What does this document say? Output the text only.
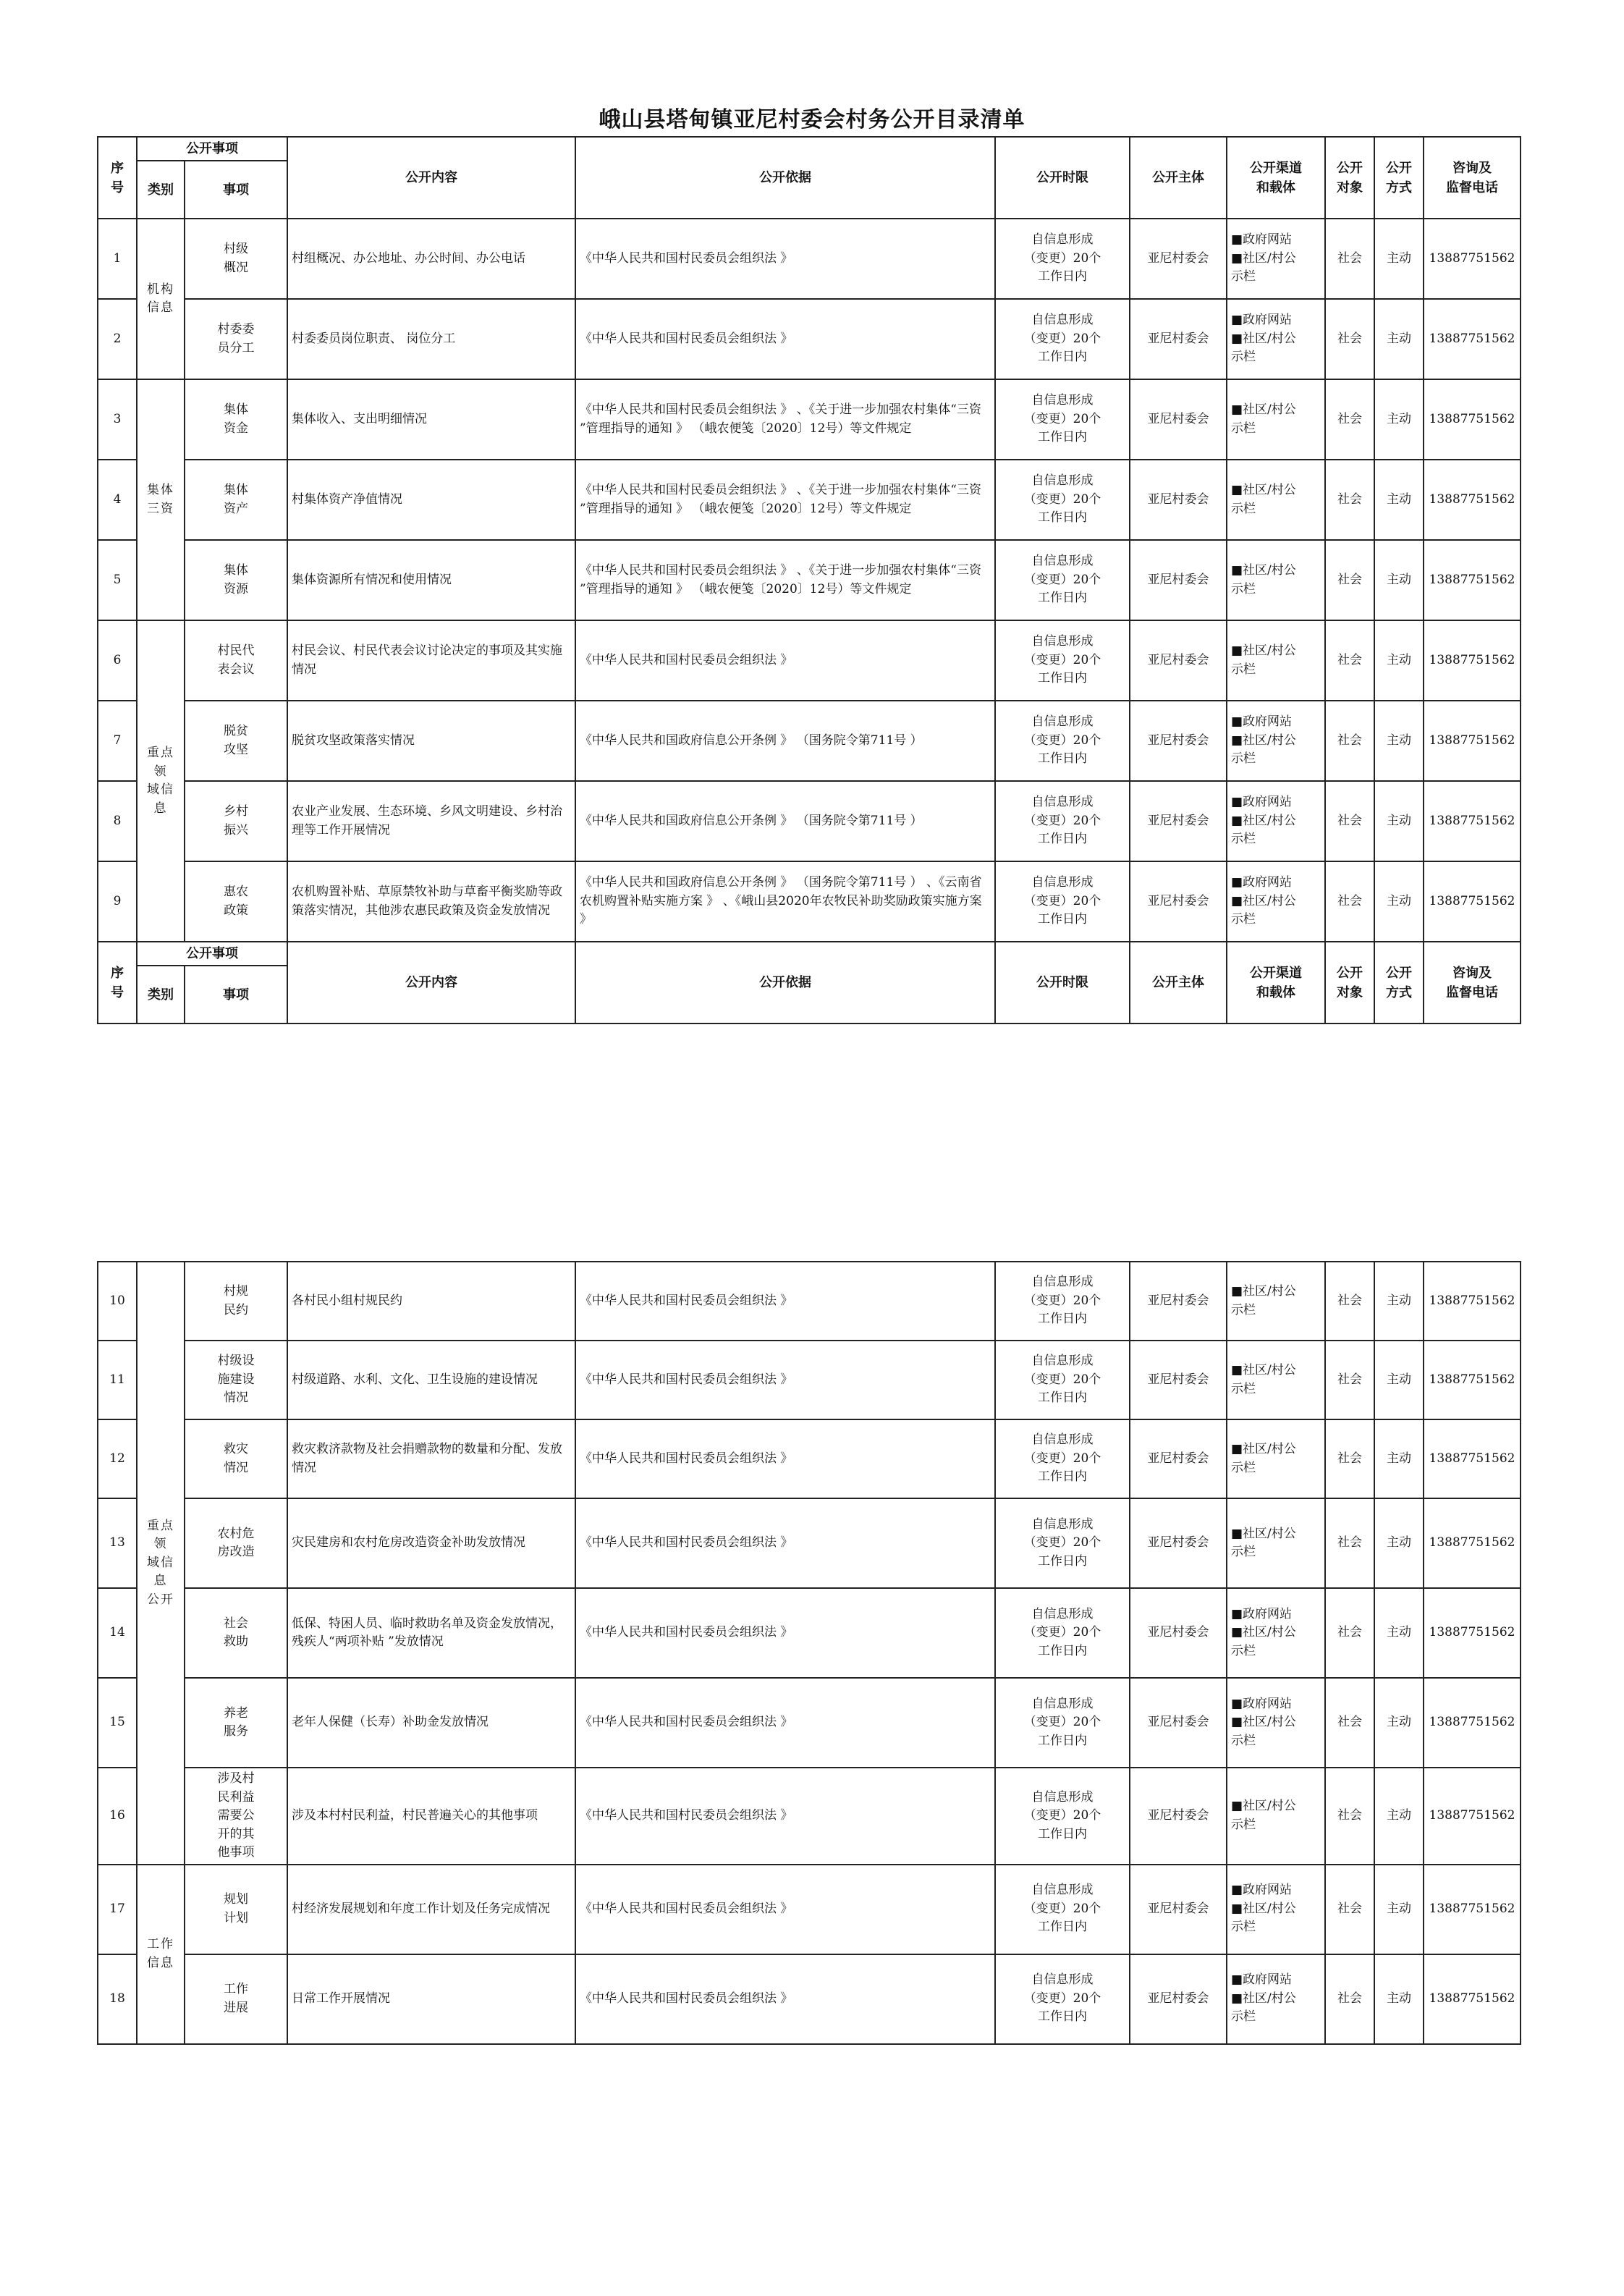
峨山县塔甸镇亚尼村委会村务公开目录清单
序
号	公开事项		公开内容	公开依据	公开时限	公开主体	公开渠道
和载体	公开
对象	公开
方式	咨询及
监督电话
	类别	事项								
1	机构
信息	村级
概况	村组概况、办公地址、办公时间、办公电话	《中华人民共和国村民委员会组织法 》	自信息形成
（变更）20个
工作日内	亚尼村委会	■政府网站
■社区/村公
示栏	社会	主动	13887751562
2		村委委
员分工	村委委员岗位职责、 岗位分工	《中华人民共和国村民委员会组织法 》	自信息形成
（变更）20个
工作日内	亚尼村委会	■政府网站
■社区/村公
示栏	社会	主动	13887751562
3	集体
三资	集体
资金	集体收入、支出明细情况	《中华人民共和国村民委员会组织法 》 、《关于进一步加强农村集体“三资 ”管理指导的通知 》 （峨农便笺〔2020〕12号）等文件规定	自信息形成
（变更）20个
工作日内	亚尼村委会	■社区/村公
示栏	社会	主动	13887751562
4		集体
资产	村集体资产净值情况	《中华人民共和国村民委员会组织法 》 、《关于进一步加强农村集体“三资 ”管理指导的通知 》 （峨农便笺〔2020〕12号）等文件规定	自信息形成
（变更）20个
工作日内	亚尼村委会	■社区/村公
示栏	社会	主动	13887751562
5		集体
资源	集体资源所有情况和使用情况	《中华人民共和国村民委员会组织法 》 、《关于进一步加强农村集体“三资 ”管理指导的通知 》 （峨农便笺〔2020〕12号）等文件规定	自信息形成
（变更）20个
工作日内	亚尼村委会	■社区/村公
示栏	社会	主动	13887751562
6	重点
领
域信
息	村民代
表会议	村民会议、村民代表会议讨论决定的事项及其实施情况	《中华人民共和国村民委员会组织法 》	自信息形成
（变更）20个
工作日内	亚尼村委会	■社区/村公
示栏	社会	主动	13887751562
7		脱贫
攻坚	脱贫攻坚政策落实情况	《中华人民共和国政府信息公开条例 》 （国务院令第711号 ）	自信息形成
（变更）20个
工作日内	亚尼村委会	■政府网站
■社区/村公
示栏	社会	主动	13887751562
8		乡村
振兴	农业产业发展、生态环境、乡风文明建设、乡村治理等工作开展情况	《中华人民共和国政府信息公开条例 》 （国务院令第711号 ）	自信息形成
（变更）20个
工作日内	亚尼村委会	■政府网站
■社区/村公
示栏	社会	主动	13887751562
9		惠农
政策	农机购置补贴、草原禁牧补助与草畜平衡奖励等政策落实情况，其他涉农惠民政策及资金发放情况	《中华人民共和国政府信息公开条例 》 （国务院令第711号 ） 、《云南省农机购置补贴实施方案 》 、《峨山县2020年农牧民补助奖励政策实施方案 》	自信息形成
（变更）20个
工作日内	亚尼村委会	■政府网站
■社区/村公
示栏	社会	主动	13887751562
序
号	公开事项		公开内容	公开依据	公开时限	公开主体	公开渠道
和载体	公开
对象	公开
方式	咨询及
监督电话
	类别	事项								
10	重点
领
域信
息
公开	村规
民约	各村民小组村规民约	《中华人民共和国村民委员会组织法 》	自信息形成
（变更）20个
工作日内	亚尼村委会	■社区/村公
示栏	社会	主动	13887751562
11		村级设
施建设
情况	村级道路、水利、文化、卫生设施的建设情况	《中华人民共和国村民委员会组织法 》	自信息形成
（变更）20个
工作日内	亚尼村委会	■社区/村公
示栏	社会	主动	13887751562
12		救灾
情况	救灾救济款物及社会捐赠款物的数量和分配、发放情况	《中华人民共和国村民委员会组织法 》	自信息形成
（变更）20个
工作日内	亚尼村委会	■社区/村公
示栏	社会	主动	13887751562
13		农村危
房改造	灾民建房和农村危房改造资金补助发放情况	《中华人民共和国村民委员会组织法 》	自信息形成
（变更）20个
工作日内	亚尼村委会	■社区/村公
示栏	社会	主动	13887751562
14		社会
救助	低保、特困人员、临时救助名单及资金发放情况，残疾人“两项补贴 ”发放情况	《中华人民共和国村民委员会组织法 》	自信息形成
（变更）20个
工作日内	亚尼村委会	■政府网站
■社区/村公
示栏	社会	主动	13887751562
15		养老
服务	老年人保健（长寿）补助金发放情况	《中华人民共和国村民委员会组织法 》	自信息形成
（变更）20个
工作日内	亚尼村委会	■政府网站
■社区/村公
示栏	社会	主动	13887751562
16		涉及村
民利益
需要公
开的其
他事项	涉及本村村民利益，村民普遍关心的其他事项	《中华人民共和国村民委员会组织法 》	自信息形成
（变更）20个
工作日内	亚尼村委会	■社区/村公
示栏	社会	主动	13887751562
17	工作
信息	规划
计划	村经济发展规划和年度工作计划及任务完成情况	《中华人民共和国村民委员会组织法 》	自信息形成
（变更）20个
工作日内	亚尼村委会	■政府网站
■社区/村公
示栏	社会	主动	13887751562
18		工作
进展	日常工作开展情况	《中华人民共和国村民委员会组织法 》	自信息形成
（变更）20个
工作日内	亚尼村委会	■政府网站
■社区/村公
示栏	社会	主动	13887751562
